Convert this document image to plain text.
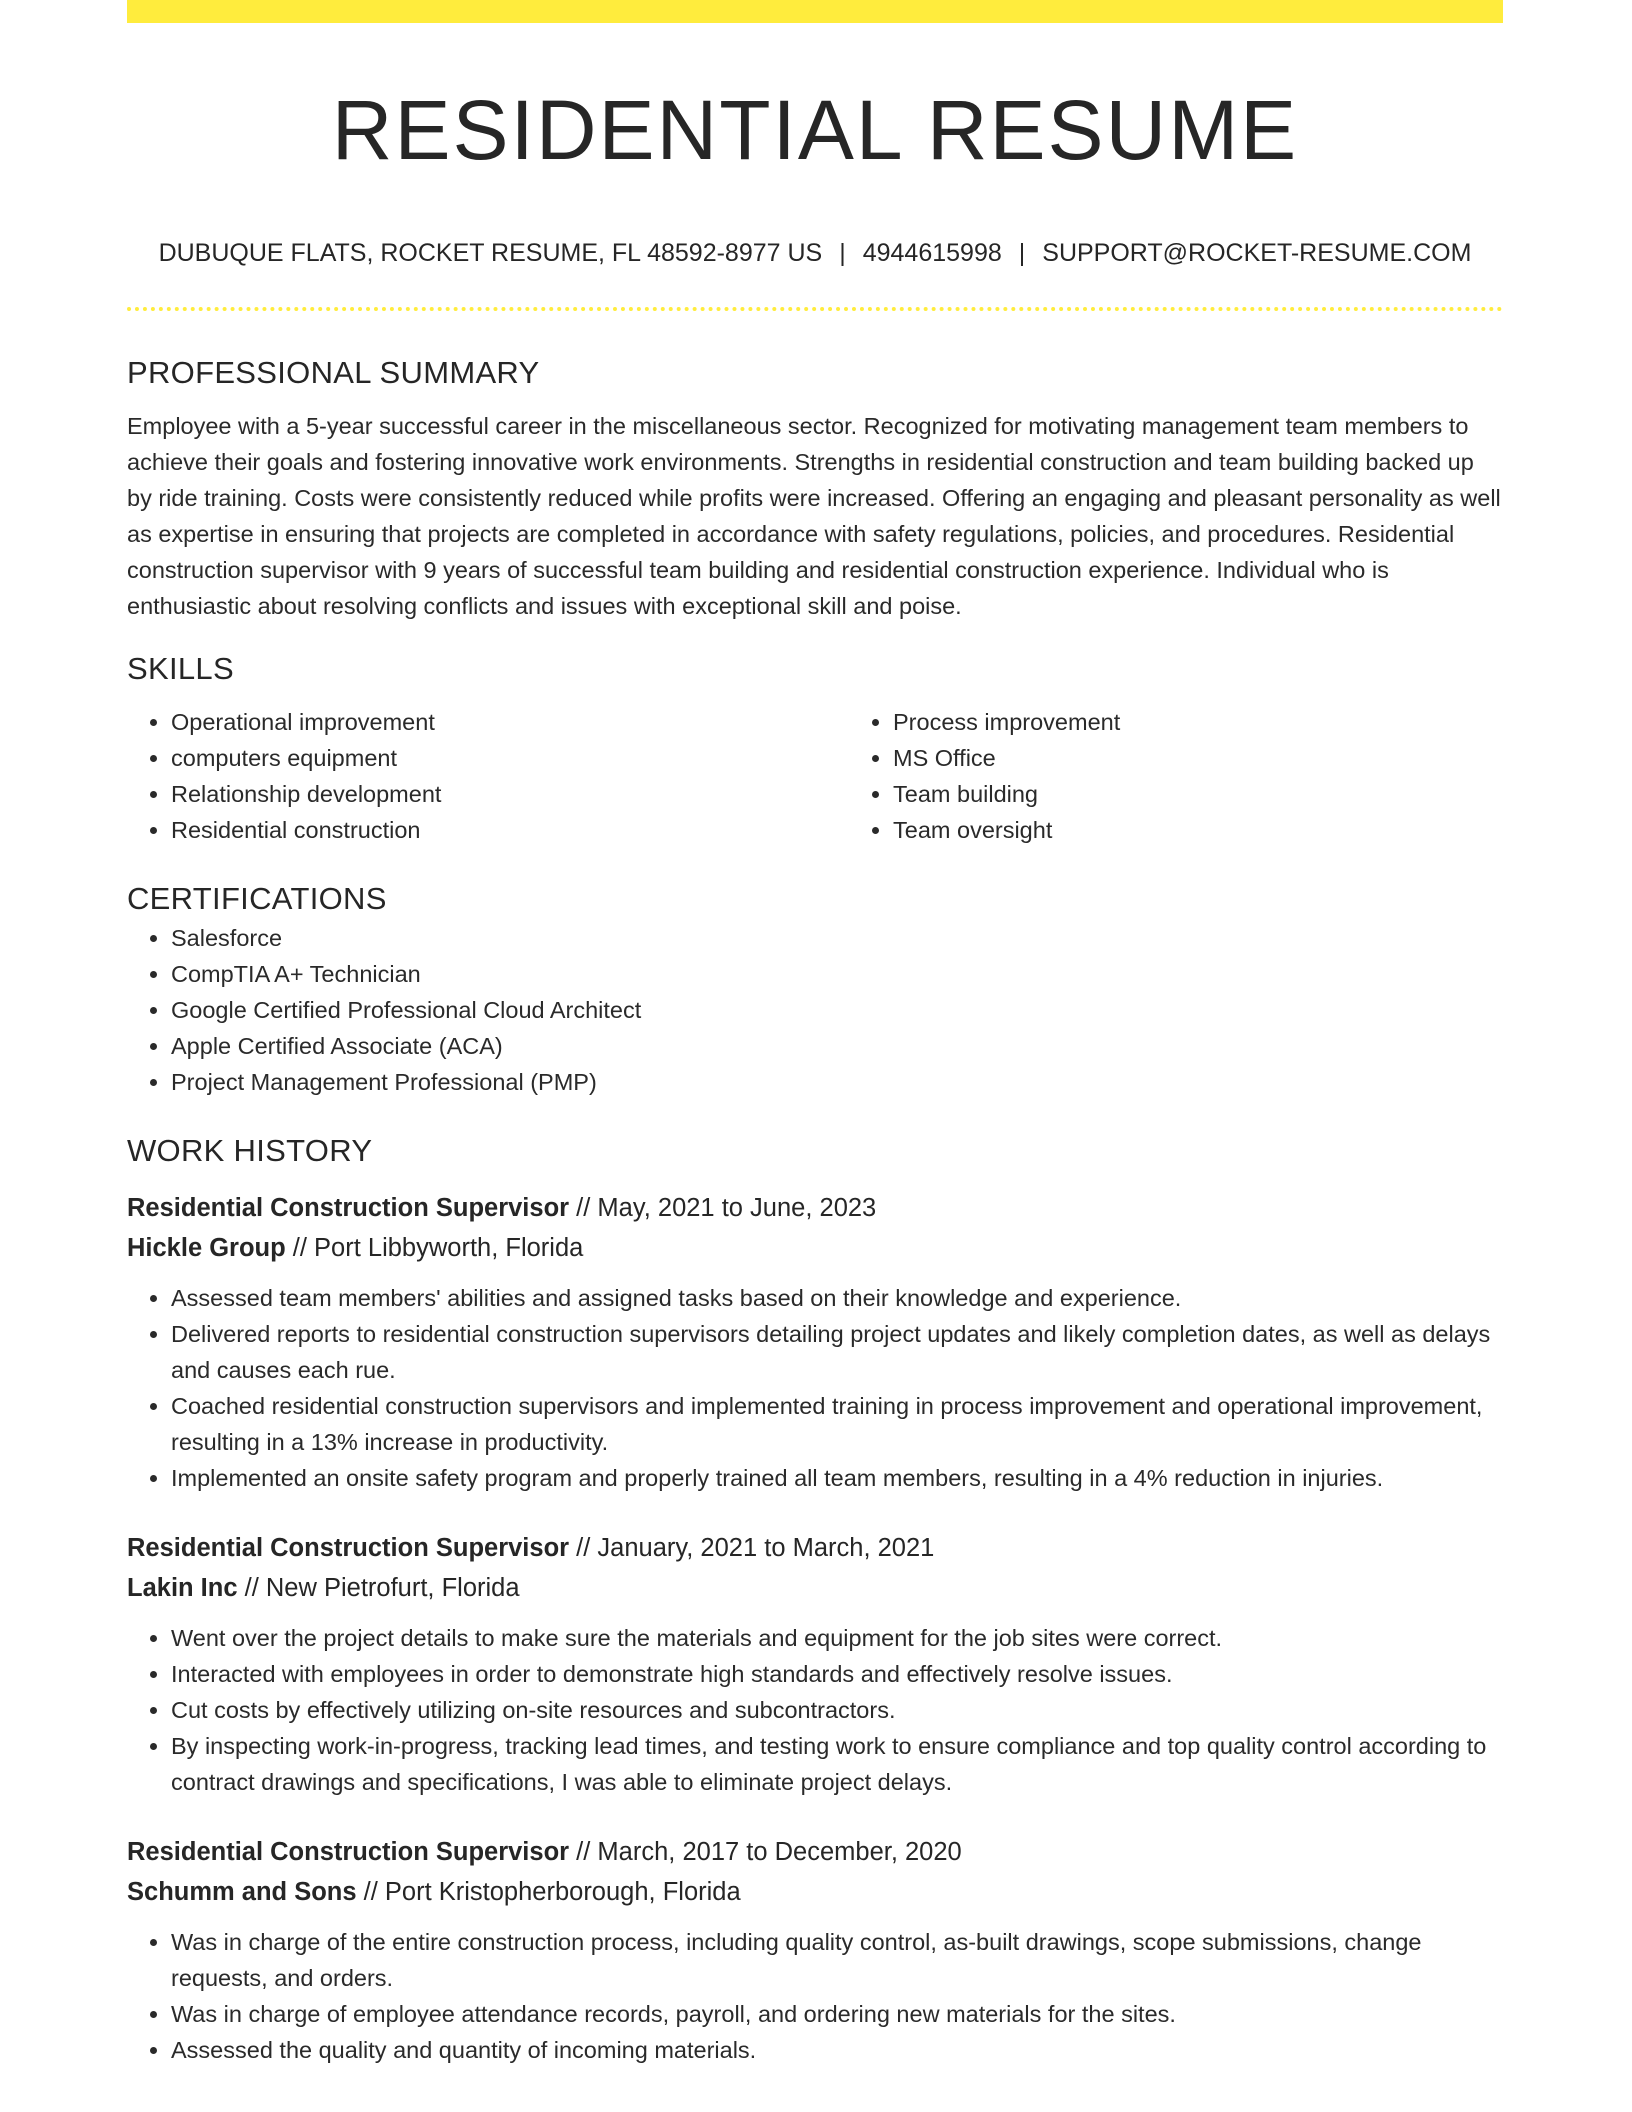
RESIDENTIAL RESUME
DUBUQUE FLATS, ROCKET RESUME, FL 48592-8977 US | 4944615998 | SUPPORT@ROCKET-RESUME.COM
PROFESSIONAL SUMMARY

Employee with a 5-year successful career in the miscellaneous sector. Recognized for motivating management team members to achieve their goals and fostering innovative work environments. Strengths in residential construction and team building backed up by ride training. Costs were consistently reduced while profits were increased. Offering an engaging and pleasant personality as well as expertise in ensuring that projects are completed in accordance with safety regulations, policies, and procedures. Residential construction supervisor with 9 years of successful team building and residential construction experience. Individual who is enthusiastic about resolving conflicts and issues with exceptional skill and poise.

SKILLS
• Operational improvement
• computers equipment
• Relationship development
• Residential construction
• Process improvement
• MS Office
• Team building
• Team oversight
CERTIFICATIONS
• Salesforce
• CompTIA A+ Technician
• Google Certified Professional Cloud Architect
• Apple Certified Associate (ACA)
• Project Management Professional (PMP)
WORK HISTORY
Residential Construction Supervisor // May, 2021 to June, 2023
Hickle Group // Port Libbyworth, Florida
• Assessed team members' abilities and assigned tasks based on their knowledge and experience.
• Delivered reports to residential construction supervisors detailing project updates and likely completion dates, as well as delays and causes each rue.
• Coached residential construction supervisors and implemented training in process improvement and operational improvement, resulting in a 13% increase in productivity.
• Implemented an onsite safety program and properly trained all team members, resulting in a 4% reduction in injuries.
Residential Construction Supervisor // January, 2021 to March, 2021
Lakin Inc // New Pietrofurt, Florida
• Went over the project details to make sure the materials and equipment for the job sites were correct.
• Interacted with employees in order to demonstrate high standards and effectively resolve issues.
• Cut costs by effectively utilizing on-site resources and subcontractors.
• By inspecting work-in-progress, tracking lead times, and testing work to ensure compliance and top quality control according to contract drawings and specifications, I was able to eliminate project delays.
Residential Construction Supervisor // March, 2017 to December, 2020
Schumm and Sons // Port Kristopherborough, Florida
• Was in charge of the entire construction process, including quality control, as-built drawings, scope submissions, change requests, and orders.
• Was in charge of employee attendance records, payroll, and ordering new materials for the sites.
• Assessed the quality and quantity of incoming materials.
